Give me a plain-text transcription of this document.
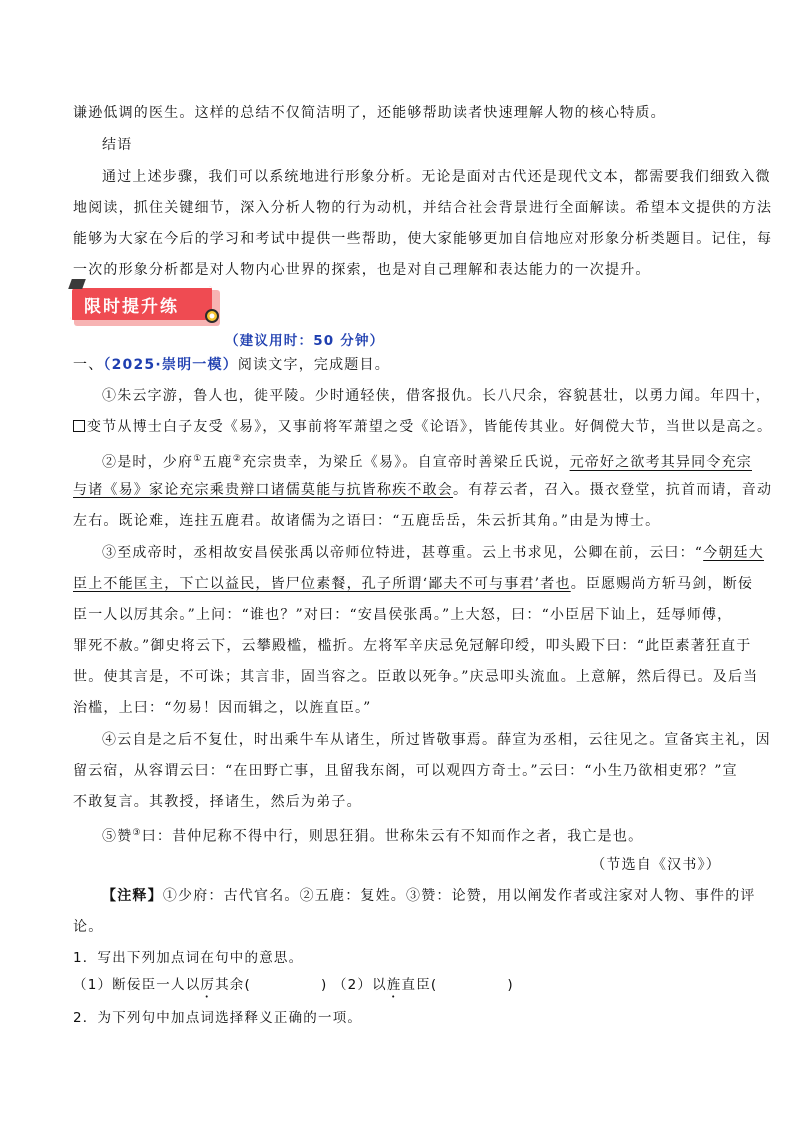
谦逊低调的医生。这样的总结不仅简洁明了，还能够帮助读者快速理解人物的核心特质。
结语
通过上述步骤，我们可以系统地进行形象分析。无论是面对古代还是现代文本，都需要我们细致入微
地阅读，抓住关键细节，深入分析人物的行为动机，并结合社会背景进行全面解读。希望本文提供的方法
能够为大家在今后的学习和考试中提供一些帮助，使大家能够更加自信地应对形象分析类题目。记住，每
一次的形象分析都是对人物内心世界的探索，也是对自己理解和表达能力的一次提升。
限时提升练
（建议用时：50 分钟）
一、（2025·崇明一模）阅读文字，完成题目。
①朱云字游，鲁人也，徙平陵。少时通轻侠，借客报仇。长八尺余，容貌甚壮，以勇力闻。年四十，
变节从博士白子友受《易》，又事前将军萧望之受《论语》，皆能传其业。好倜傥大节，当世以是高之。
②是时，少府①五鹿②充宗贵幸，为梁丘《易》。自宣帝时善梁丘氏说，元帝好之欲考其异同令充宗
与诸《易》家论充宗乘贵辩口诸儒莫能与抗皆称疾不敢会。有荐云者，召入。摄衣登堂，抗首而请，音动
左右。既论难，连拄五鹿君。故诸儒为之语曰：“五鹿岳岳，朱云折其角。”由是为博士。
③至成帝时，丞相故安昌侯张禹以帝师位特进，甚尊重。云上书求见，公卿在前，云曰：“今朝廷大
臣上不能匡主，下亡以益民，皆尸位素餐，孔子所谓‘鄙夫不可与事君’者也。臣愿赐尚方斩马剑，断佞
臣一人以厉其余。”上问：“谁也？”对曰：“安昌侯张禹。”上大怒，曰：“小臣居下讪上，廷辱师傅，
罪死不赦。”御史将云下，云攀殿槛，槛折。左将军辛庆忌免冠解印绶，叩头殿下曰：“此臣素著狂直于
世。使其言是，不可诛；其言非，固当容之。臣敢以死争。”庆忌叩头流血。上意解，然后得已。及后当
治槛，上曰：“勿易！因而辑之，以旌直臣。”
④云自是之后不复仕，时出乘牛车从诸生，所过皆敬事焉。薛宣为丞相，云往见之。宣备宾主礼，因
留云宿，从容谓云曰：“在田野亡事，且留我东阁，可以观四方奇士。”云曰：“小生乃欲相吏邪？”宣
不敢复言。其教授，择诸生，然后为弟子。
⑤赞③曰：昔仲尼称不得中行，则思狂狷。世称朱云有不知而作之者，我亡是也。
（节选自《汉书》）
【注释】①少府：古代官名。②五鹿：复姓。③赞：论赞，用以阐发作者或注家对人物、事件的评
论。
1．写出下列加点词在句中的意思。
（1）断佞臣一人以厉其余(	) （2）以旌直臣(	)
2．为下列句中加点词选择释义正确的一项。
